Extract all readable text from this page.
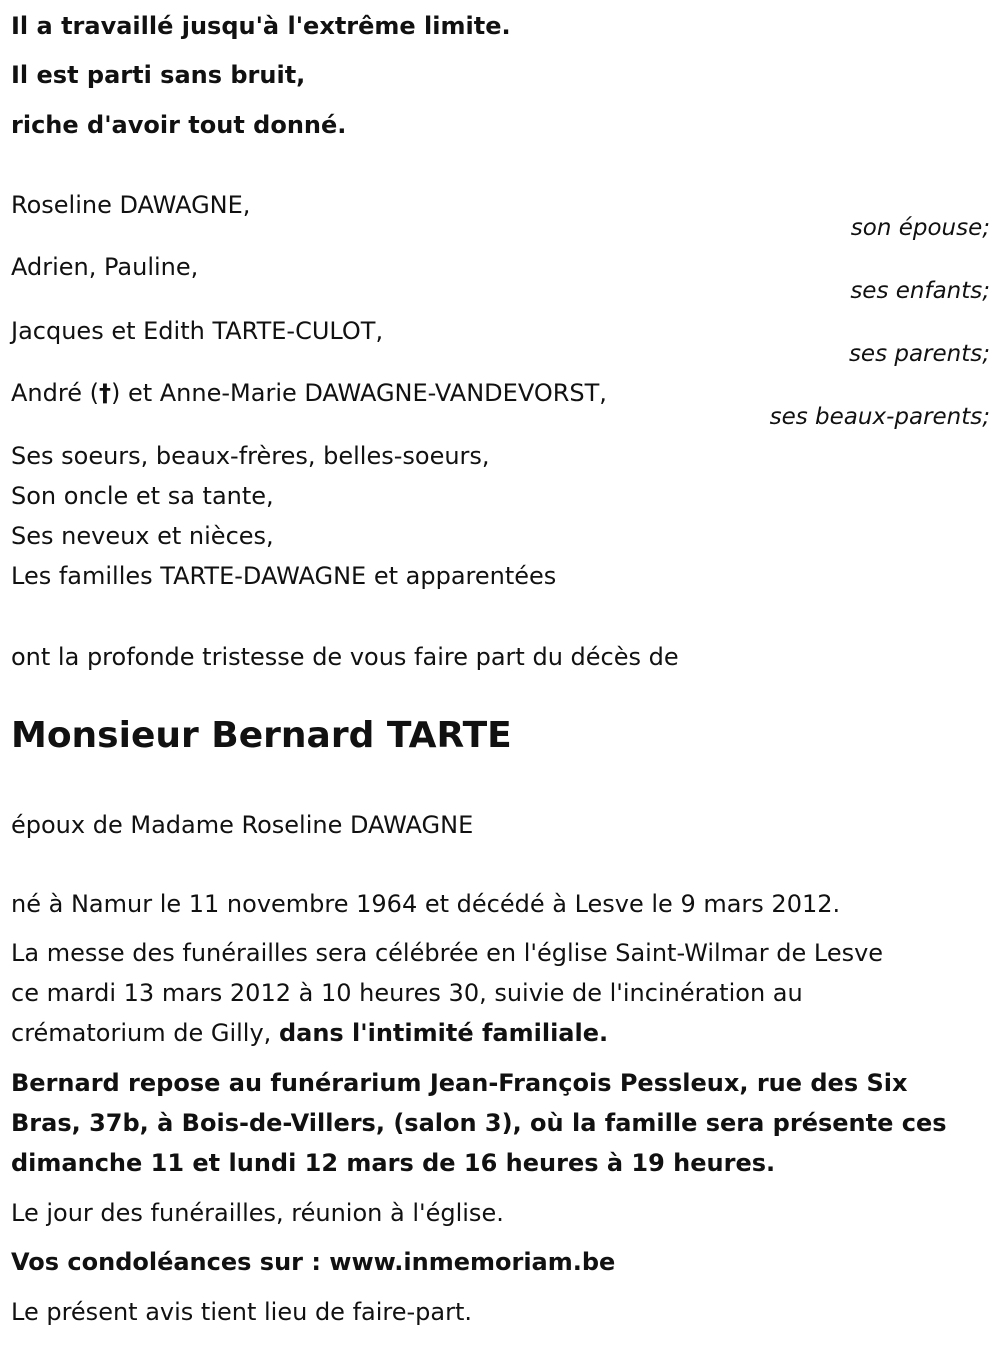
Il a travaillé jusqu'à l'extrême limite.
Il est parti sans bruit,
riche d'avoir tout donné.
Roseline DAWAGNE,
son épouse;
Adrien, Pauline,
ses enfants;
Jacques et Edith TARTE-CULOT,
ses parents;
André (†) et Anne-Marie DAWAGNE-VANDEVORST,
ses beaux-parents;
Ses soeurs, beaux-frères, belles-soeurs,
Son oncle et sa tante,
Ses neveux et nièces,
Les familles TARTE-DAWAGNE et apparentées
ont la profonde tristesse de vous faire part du décès de
Monsieur Bernard TARTE
époux de Madame Roseline DAWAGNE
né à Namur le 11 novembre 1964 et décédé à Lesve le 9 mars 2012.
La messe des funérailles sera célébrée en l'église Saint-Wilmar de Lesve
ce mardi 13 mars 2012 à 10 heures 30, suivie de l'incinération au
crématorium de Gilly, dans l'intimité familiale.
Bernard repose au funérarium Jean-François Pessleux, rue des Six
Bras, 37b, à Bois-de-Villers, (salon 3), où la famille sera présente ces
dimanche 11 et lundi 12 mars de 16 heures à 19 heures.
Le jour des funérailles, réunion à l'église.
Vos condoléances sur : www.inmemoriam.be
Le présent avis tient lieu de faire-part.
